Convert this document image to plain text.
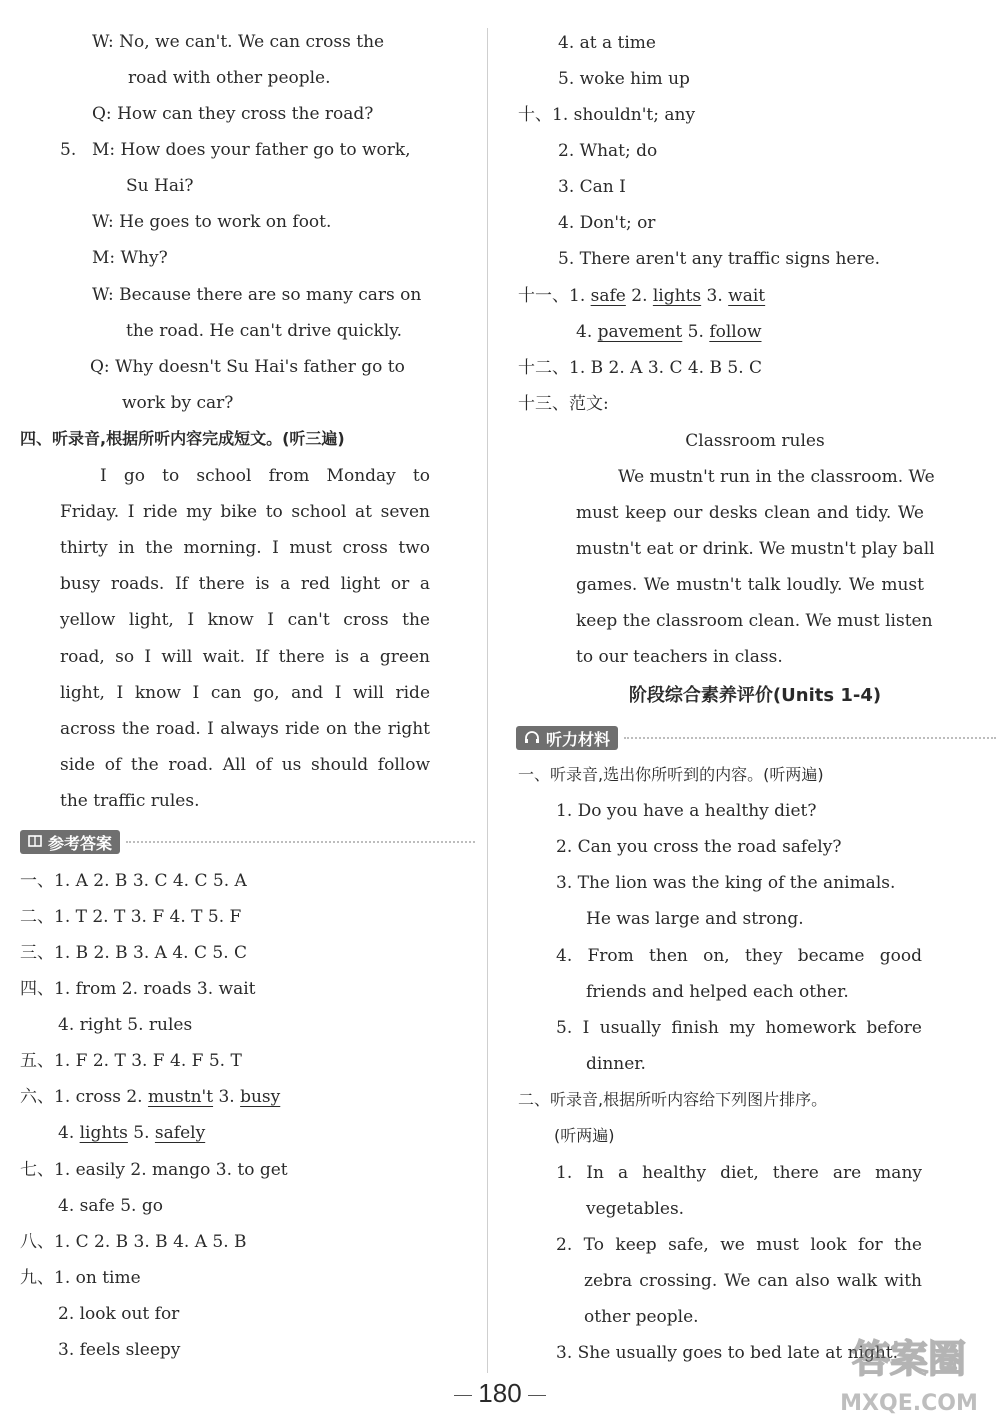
W: No, we can't. We can cross the
road with other people.
Q: How can they cross the road?
5. M: How does your father go to work,
Su Hai?
W: He goes to work on foot.
M: Why?
W: Because there are so many cars on
the road. He can't drive quickly.
Q: Why doesn't Su Hai's father go to
work by car?
四、听录音,根据所听内容完成短文。(听三遍)
I go to school from Monday to
Friday. I ride my bike to school at seven
thirty in the morning. I must cross two
busy roads. If there is a red light or a
yellow light, I know I can't cross the
road, so I will wait. If there is a green
light, I know I can go, and I will ride
across the road. I always ride on the right
side of the road. All of us should follow
the traffic rules.
参考答案
一、1. A 2. B 3. C 4. C 5. A
二、1. T 2. T 3. F 4. T 5. F
三、1. B 2. B 3. A 4. C 5. C
四、1. from 2. roads 3. wait
4. right 5. rules
五、1. F 2. T 3. F 4. F 5. T
六、1. cross 2. mustn't 3. busy
4. lights 5. safely
七、1. easily 2. mango 3. to get
4. safe 5. go
八、1. C 2. B 3. B 4. A 5. B
九、1. on time
2. look out for
3. feels sleepy
4. at a time
5. woke him up
十、1. shouldn't; any
2. What; do
3. Can I
4. Don't; or
5. There aren't any traffic signs here.
十一、1. safe 2. lights 3. wait
4. pavement 5. follow
十二、1. B 2. A 3. C 4. B 5. C
十三、范文:
Classroom rules
We mustn't run in the classroom. We
must keep our desks clean and tidy. We
mustn't eat or drink. We mustn't play ball
games. We mustn't talk loudly. We must
keep the classroom clean. We must listen
to our teachers in class.
阶段综合素养评价(Units 1-4)
听力材料
一、听录音,选出你所听到的内容。(听两遍)
1. Do you have a healthy diet?
2. Can you cross the road safely?
3. The lion was the king of the animals.
He was large and strong.
4. From then on, they became good
friends and helped each other.
5. I usually finish my homework before
dinner.
二、听录音,根据所听内容给下列图片排序。
(听两遍)
1. In a healthy diet, there are many
vegetables.
2. To keep safe, we must look for the
zebra crossing. We can also walk with
other people.
3. She usually goes to bed late at night.
180
答案圈
MXQE.COM
